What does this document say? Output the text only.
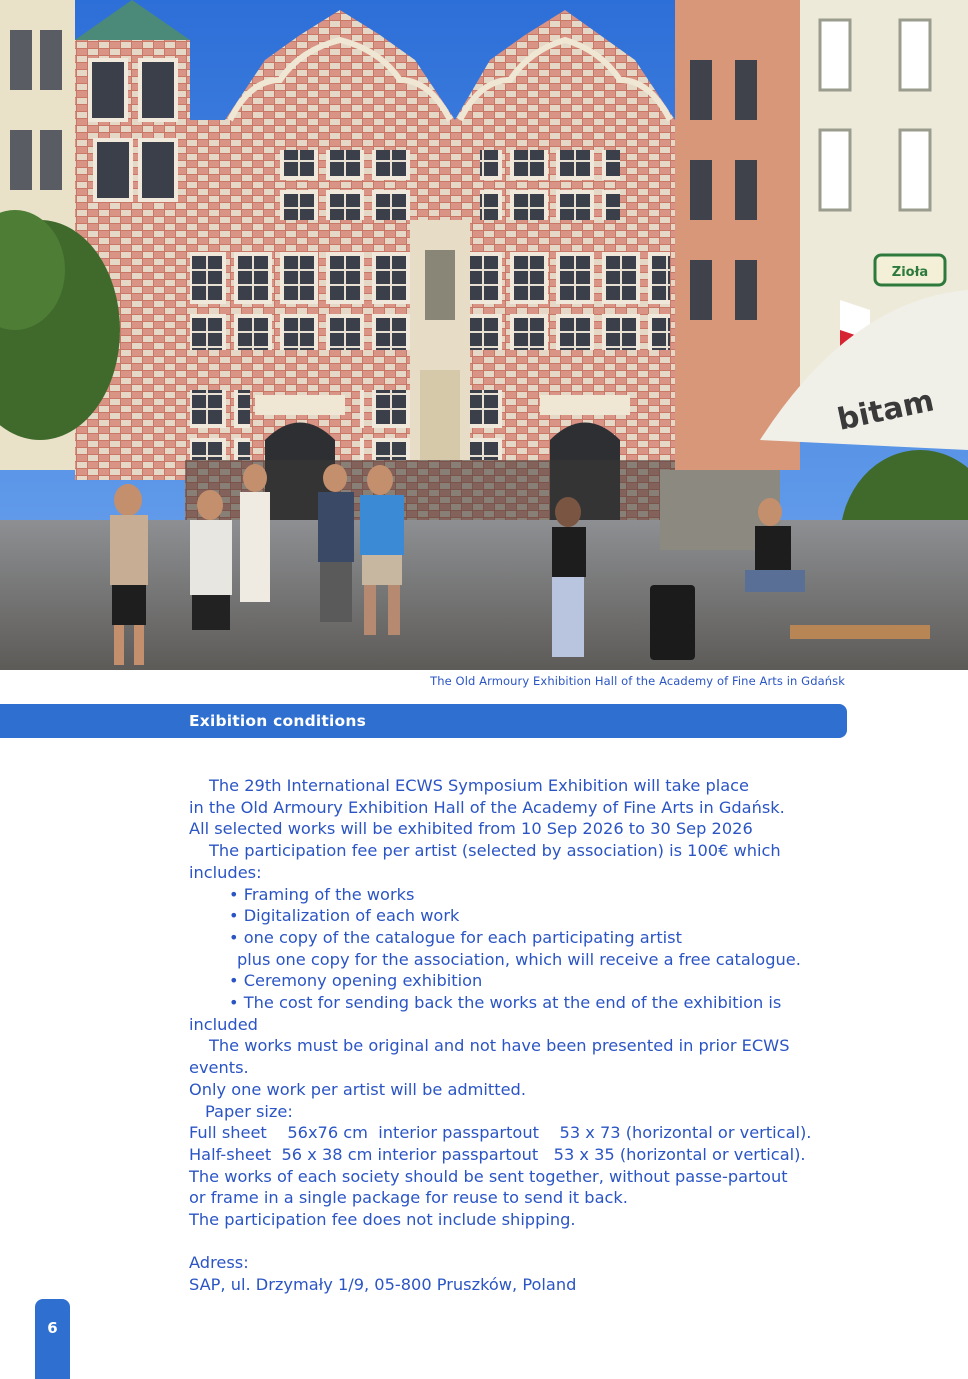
Zioła
bitam
The Old Armoury Exhibition Hall of the Academy of Fine Arts in Gdańsk
Exibition conditions

The 29th International ECWS Symposium Exhibition will take place

in the Old Armoury Exhibition Hall of the Academy of Fine Arts in Gdańsk.

All selected works will be exhibited from 10 Sep 2026 to 30 Sep 2026

The participation fee per artist (selected by association) is 100€ which

includes:

• Framing of the works

• Digitalization of each work

• one copy of the catalogue for each participating artist

plus one copy for the association, which will receive a free catalogue.

• Ceremony opening exhibition

• The cost for sending back the works at the end of the exhibition is

included

The works must be original and not have been presented in prior ECWS

events.

Only one work per artist will be admitted.

Paper size:

Full sheet    56x76 cm  interior passpartout    53 x 73 (horizontal or vertical).

Half-sheet  56 x 38 cm interior passpartout   53 x 35 (horizontal or vertical).

The works of each society should be sent together, without passe-partout

or frame in a single package for reuse to send it back.

The participation fee does not include shipping.

Adress:

SAP, ul. Drzymały 1/9, 05-800 Pruszków, Poland

6
